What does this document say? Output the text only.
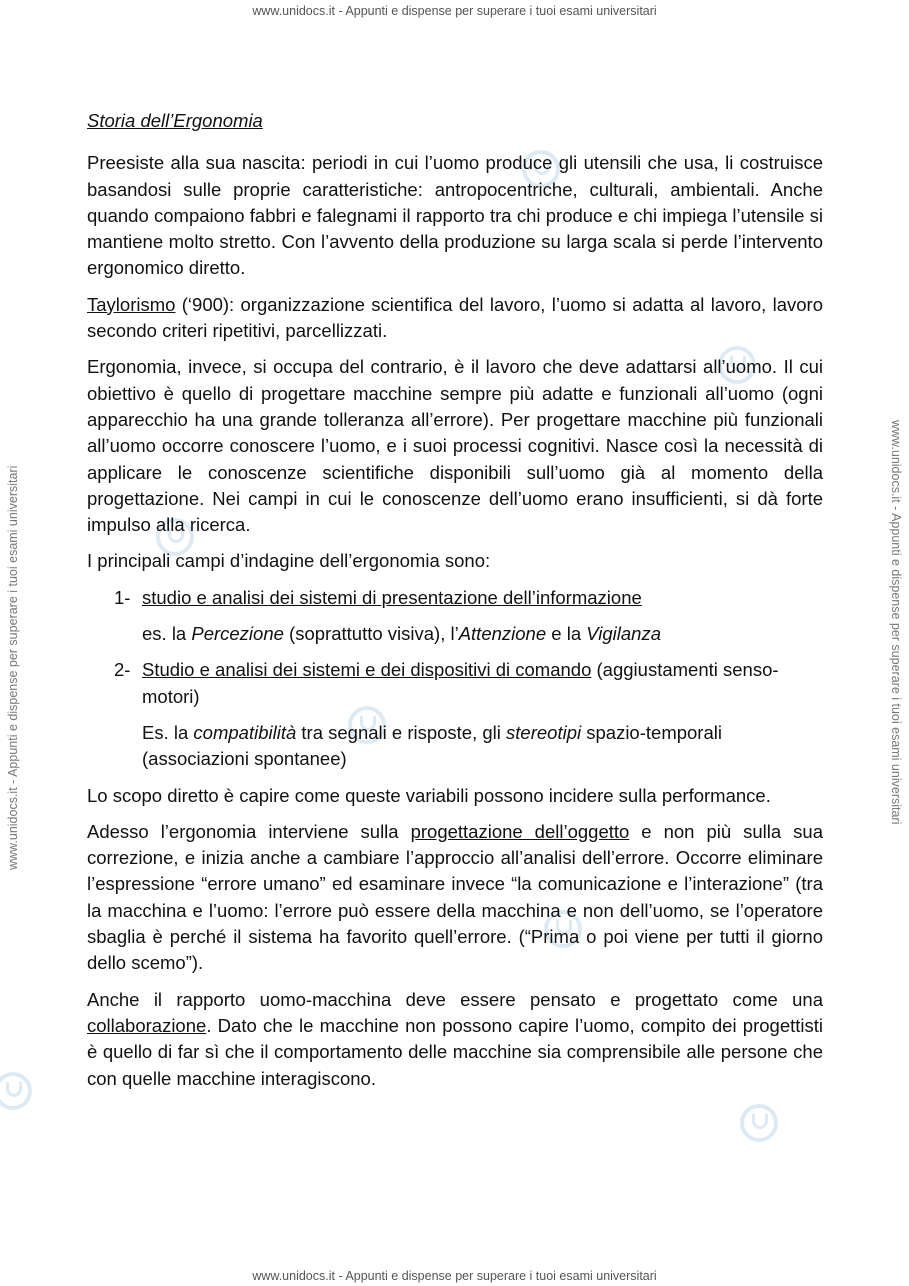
www.unidocs.it - Appunti e dispense per superare i tuoi esami universitari
www.unidocs.it - Appunti e dispense per superare i tuoi esami universitari
www.unidocs.it - Appunti e dispense per superare i tuoi esami universitari	www.unidocs.it - Appunti e dispense per superare i tuoi esami universitari
Storia dell’Ergonomia

Preesiste alla sua nascita: periodi in cui l’uomo produce gli utensili che usa, li costruisce basandosi sulle proprie caratteristiche: antropocentriche, culturali, ambientali. Anche quando compaiono fabbri e falegnami il rapporto tra chi produce e chi impiega l’utensile si mantiene molto stretto. Con l’avvento della produzione su larga scala si perde l’intervento ergonomico diretto.

Taylorismo (‘900): organizzazione scientifica del lavoro, l’uomo si adatta al lavoro, lavoro secondo criteri ripetitivi, parcellizzati.

Ergonomia, invece, si occupa del contrario, è il lavoro che deve adattarsi all’uomo. Il cui obiettivo è quello di progettare macchine sempre più adatte e funzionali all’uomo (ogni apparecchio ha una grande tolleranza all’errore). Per progettare macchine più funzionali all’uomo occorre conoscere l’uomo, e i suoi processi cognitivi. Nasce così la necessità di applicare le conoscenze scientifiche disponibili sull’uomo già al momento della progettazione. Nei campi in cui le conoscenze dell’uomo erano insufficienti, si dà forte impulso alla ricerca.

I principali campi d’indagine dell’ergonomia sono:

1- studio e analisi dei sistemi di presentazione dell’informazione
es. la Percezione (soprattutto visiva), l’Attenzione e la Vigilanza
2- Studio e analisi dei sistemi e dei dispositivi di comando (aggiustamenti senso-motori)
Es. la compatibilità tra segnali e risposte, gli stereotipi spazio-temporali (associazioni spontanee)

Lo scopo diretto è capire come queste variabili possono incidere sulla performance.

Adesso l’ergonomia interviene sulla progettazione dell’oggetto e non più sulla sua correzione, e inizia anche a cambiare l’approccio all’analisi dell’errore. Occorre eliminare l’espressione “errore umano” ed esaminare invece “la comunicazione e l’interazione” (tra la macchina e l’uomo: l’errore può essere della macchina e non dell’uomo, se l’operatore sbaglia è perché il sistema ha favorito quell’errore. (“Prima o poi viene per tutti il giorno dello scemo”).

Anche il rapporto uomo-macchina deve essere pensato e progettato come una collaborazione. Dato che le macchine non possono capire l’uomo, compito dei progettisti è quello di far sì che il comportamento delle macchine sia comprensibile alle persone che con quelle macchine interagiscono.
